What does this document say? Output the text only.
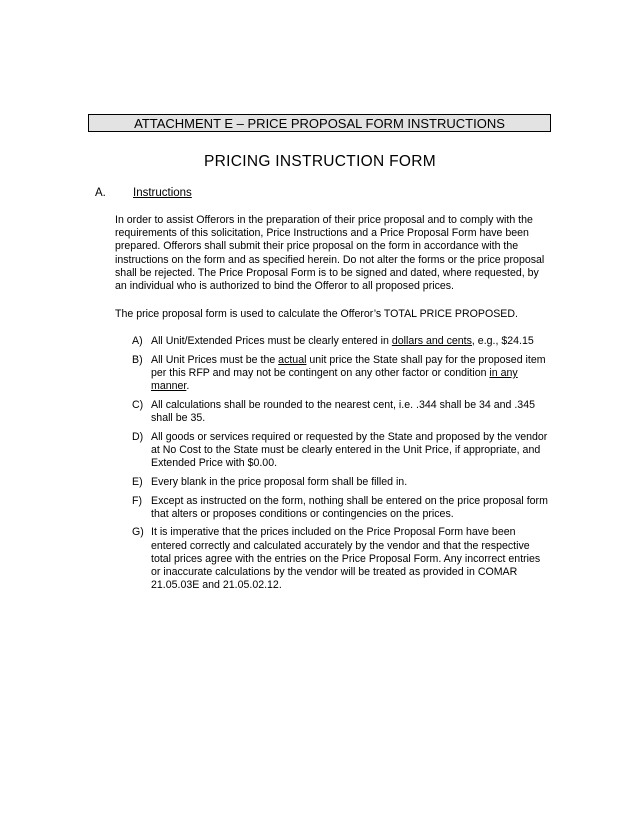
ATTACHMENT E – PRICE PROPOSAL FORM INSTRUCTIONS
PRICING INSTRUCTION FORM
A. Instructions
In order to assist Offerors in the preparation of their price proposal and to comply with the requirements of this solicitation, Price Instructions and a Price Proposal Form have been prepared. Offerors shall submit their price proposal on the form in accordance with the instructions on the form and as specified herein. Do not alter the forms or the price proposal shall be rejected. The Price Proposal Form is to be signed and dated, where requested, by an individual who is authorized to bind the Offeror to all proposed prices.
The price proposal form is used to calculate the Offeror’s TOTAL PRICE PROPOSED.
A) All Unit/Extended Prices must be clearly entered in dollars and cents, e.g., $24.15
B) All Unit Prices must be the actual unit price the State shall pay for the proposed item per this RFP and may not be contingent on any other factor or condition in any manner.
C) All calculations shall be rounded to the nearest cent, i.e. .344 shall be 34 and .345 shall be 35.
D) All goods or services required or requested by the State and proposed by the vendor at No Cost to the State must be clearly entered in the Unit Price, if appropriate, and Extended Price with $0.00.
E) Every blank in the price proposal form shall be filled in.
F) Except as instructed on the form, nothing shall be entered on the price proposal form that alters or proposes conditions or contingencies on the prices.
G) It is imperative that the prices included on the Price Proposal Form have been entered correctly and calculated accurately by the vendor and that the respective total prices agree with the entries on the Price Proposal Form. Any incorrect entries or inaccurate calculations by the vendor will be treated as provided in COMAR 21.05.03E and 21.05.02.12.
